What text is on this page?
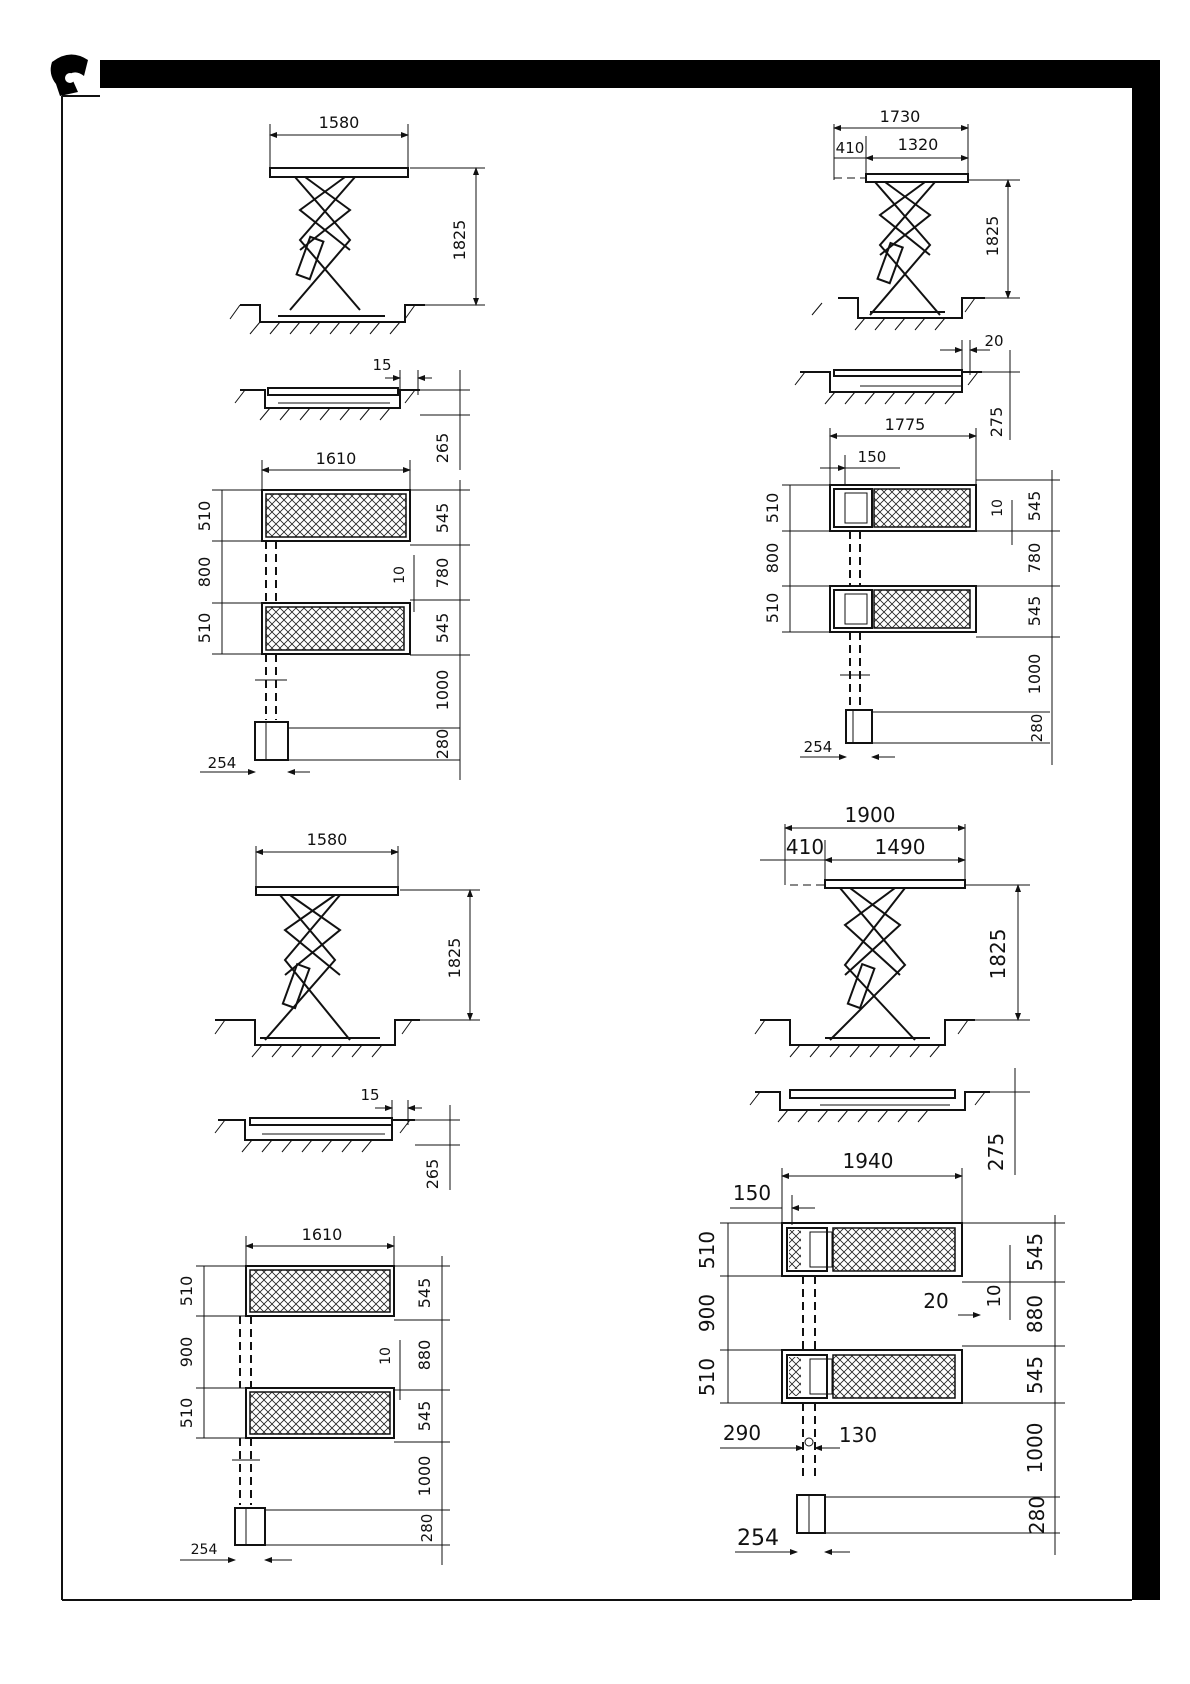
1580
1825
15
265
1610
510
800
510
545
780
545
1000
280
10
254
1730
410 1320
1825
20
275
1775
150
510
800
510
545
780
545
1000
280
10
254
1580
1825
15
265
1610
510
900
510
545
880
545
1000
280
10
254
1900
410	1490
1825
275
1940
150
290	130
510
900
510
545
880
545
1000
280
10
20
254
